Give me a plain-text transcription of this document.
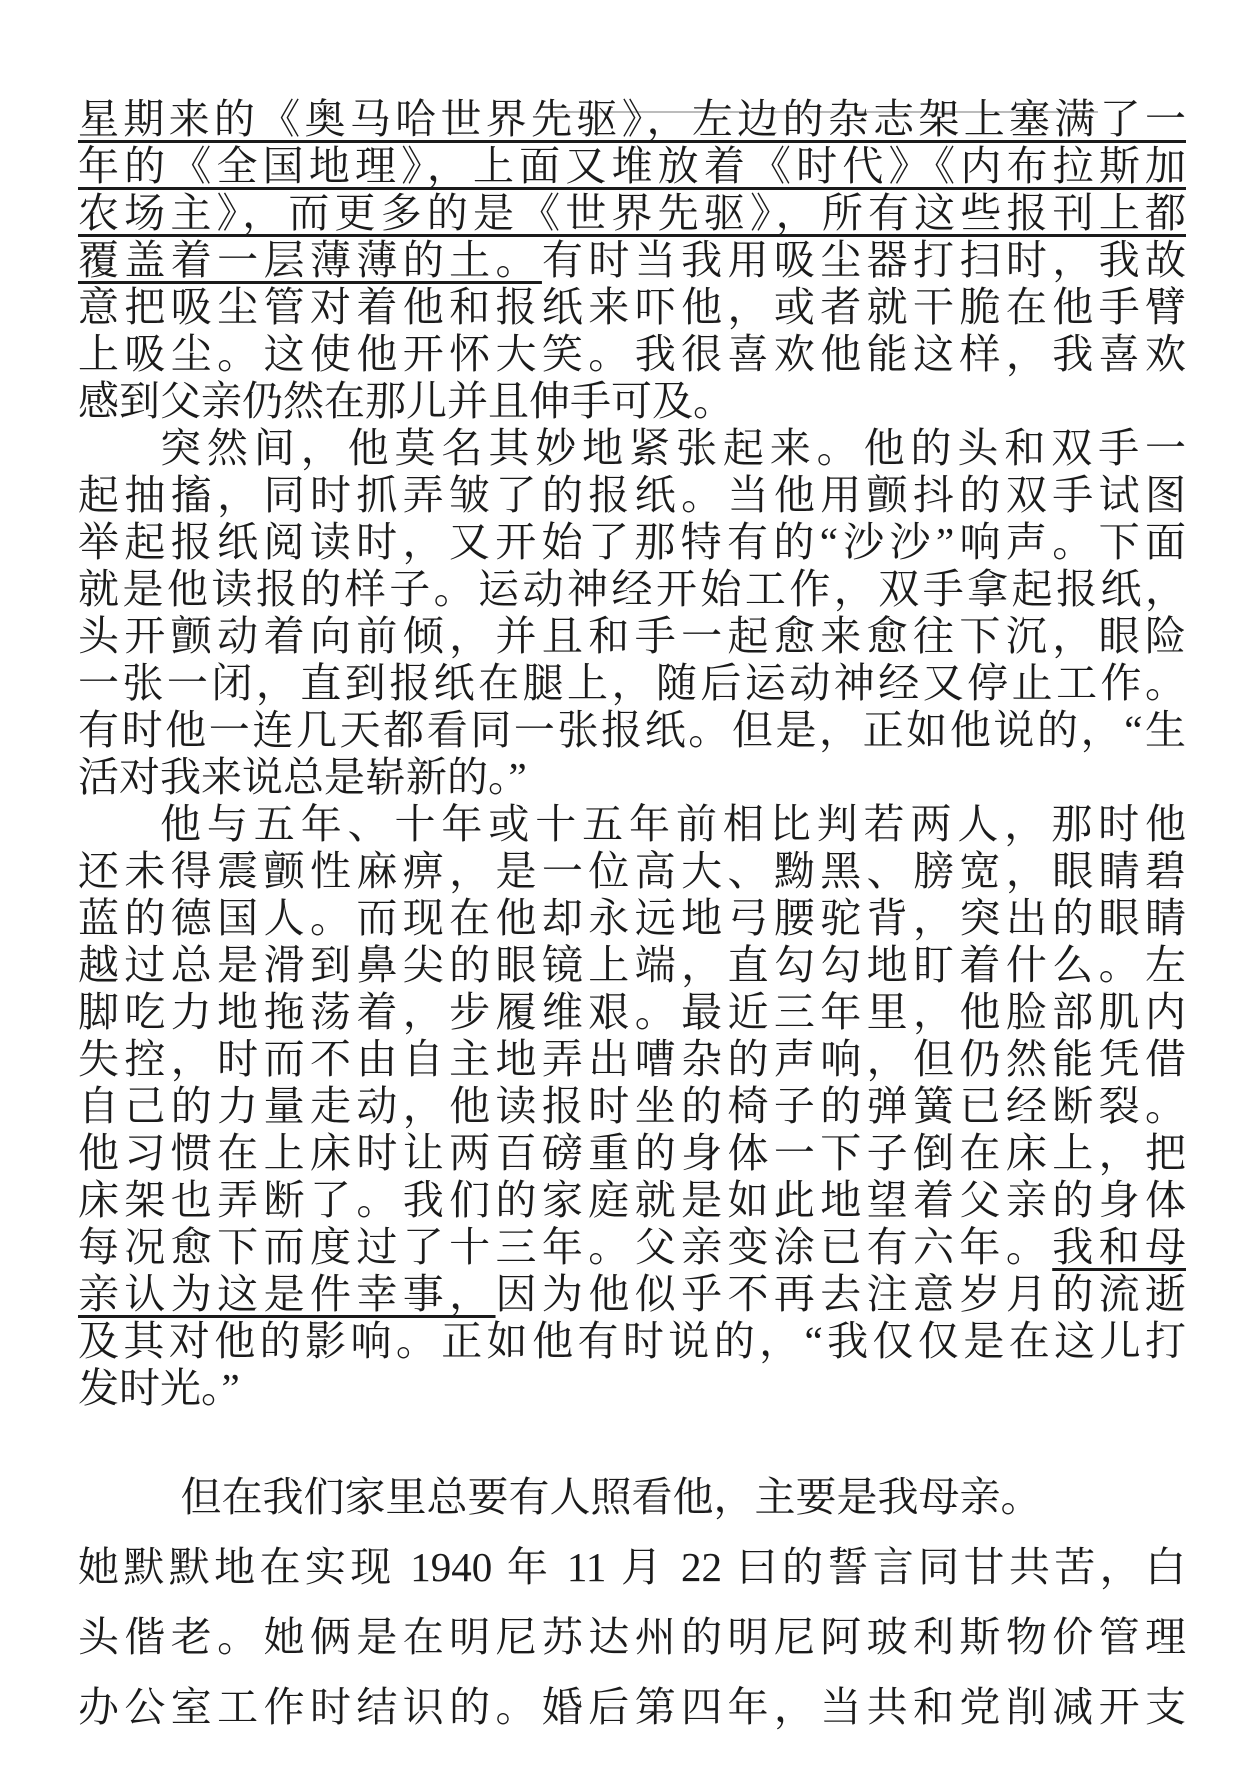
星期来的《奥马哈世界先驱》，左边的杂志架上塞满了一
年的《全国地理》，上面又堆放着《时代》《内布拉斯加
农场主》，而更多的是《世界先驱》，所有这些报刊上都
覆盖着一层薄薄的土。有时当我用吸尘器打扫时，我故
意把吸尘管对着他和报纸来吓他，或者就干脆在他手臂
上吸尘。这使他开怀大笑。我很喜欢他能这样，我喜欢
感到父亲仍然在那儿并且伸手可及。
突然间，他莫名其妙地紧张起来。他的头和双手一
起抽搐，同时抓弄皱了的报纸。当他用颤抖的双手试图
举起报纸阅读时，又开始了那特有的“沙沙”响声。下面
就是他读报的样子。运动神经开始工作，双手拿起报纸，
头开颤动着向前倾，并且和手一起愈来愈往下沉，眼险
一张一闭，直到报纸在腿上，随后运动神经又停止工作。
有时他一连几天都看同一张报纸。但是，正如他说的，“生
活对我来说总是崭新的。”
他与五年、十年或十五年前相比判若两人，那时他
还未得震颤性麻痹，是一位高大、黝黑、膀宽，眼睛碧
蓝的德国人。而现在他却永远地弓腰驼背，突出的眼睛
越过总是滑到鼻尖的眼镜上端，直勾勾地盯着什么。左
脚吃力地拖荡着，步履维艰。最近三年里，他脸部肌内
失控，时而不由自主地弄出嘈杂的声响，但仍然能凭借
自己的力量走动，他读报时坐的椅子的弹簧已经断裂。
他习惯在上床时让两百磅重的身体一下子倒在床上，把
床架也弄断了。我们的家庭就是如此地望着父亲的身体
每况愈下而度过了十三年。父亲变涂已有六年。我和母
亲认为这是件幸事，因为他似乎不再去注意岁月的流逝
及其对他的影响。正如他有时说的，“我仅仅是在这儿打
发时光。”
但在我们家里总要有人照看他，主要是我母亲。
她默默地在实现 1940 年 11 月 22 曰的誓言同甘共苦，白
头偕老。她俩是在明尼苏达州的明尼阿玻利斯物价管理
办公室工作时结识的。婚后第四年，当共和党削减开支
